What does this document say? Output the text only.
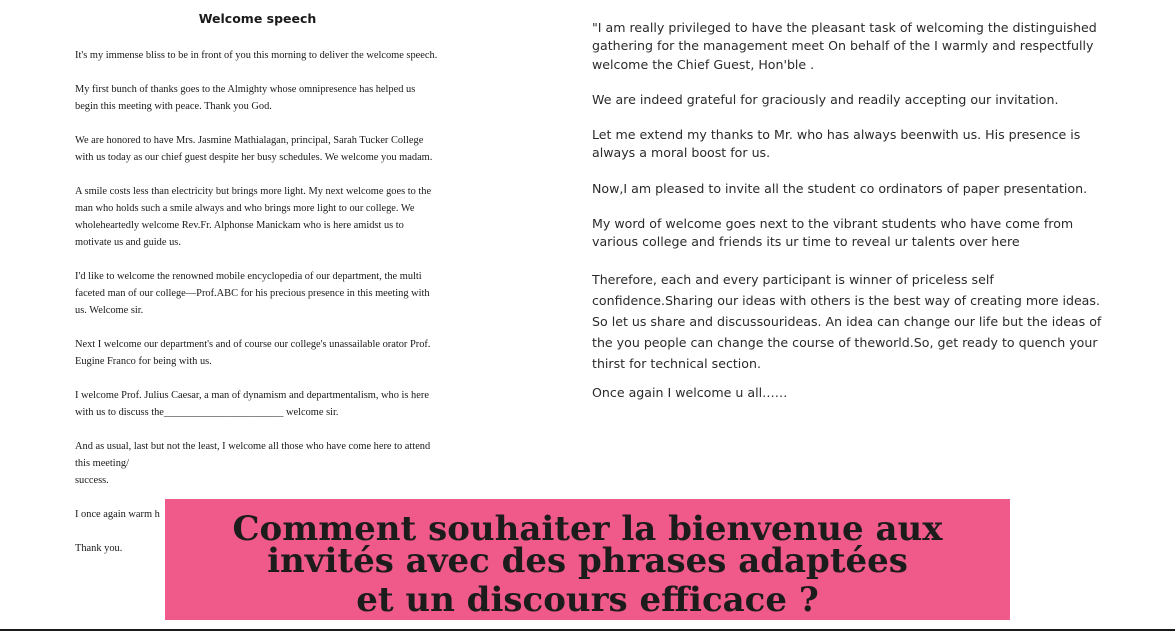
Welcome speech

It's my immense bliss to be in front of you this morning to deliver the welcome speech.

My first bunch of thanks goes to the Almighty whose omnipresence has helped us begin this meeting with peace. Thank you God.

We are honored to have Mrs. Jasmine Mathialagan, principal, Sarah Tucker College with us today as our chief guest despite her busy schedules. We welcome you madam.

A smile costs less than electricity but brings more light. My next welcome goes to the man who holds such a smile always and who brings more light to our college. We wholeheartedly welcome Rev.Fr. Alphonse Manickam who is here amidst us to motivate us and guide us.

I'd like to welcome the renowned mobile encyclopedia of our department, the multi faceted man of our college—Prof.ABC for his precious presence in this meeting with us. Welcome sir.

Next I welcome our department's and of course our college's unassailable orator Prof. Eugine Franco for being with us.

I welcome Prof. Julius Caesar, a man of dynamism and departmentalism, who is here with us to discuss the_______________________ welcome sir.

And as usual, last but not the least, I welcome all those who have come here to attend this meeting/

success.

I once again warm h

Thank you.

"I am really privileged to have the pleasant task of welcoming the distinguished gathering for the management meet On behalf of the I warmly and respectfully welcome the Chief Guest, Hon'ble .

We are indeed grateful for graciously and readily accepting our invitation.

Let me extend my thanks to Mr. who has always beenwith us. His presence is always a moral boost for us.

Now,I am pleased to invite all the student co ordinators of paper presentation.

My word of welcome goes next to the vibrant students who have come from various college and friends its ur time to reveal ur talents over here

Therefore, each and every participant is winner of priceless self confidence.Sharing our ideas with others is the best way of creating more ideas. So let us share and discussourideas. An idea can change our life but the ideas of the you people can change the course of theworld.So, get ready to quench your thirst for technical section.

Once again I welcome u all……

Comment souhaiter la bienvenue aux
invités avec des phrases adaptées
et un discours efficace ?
